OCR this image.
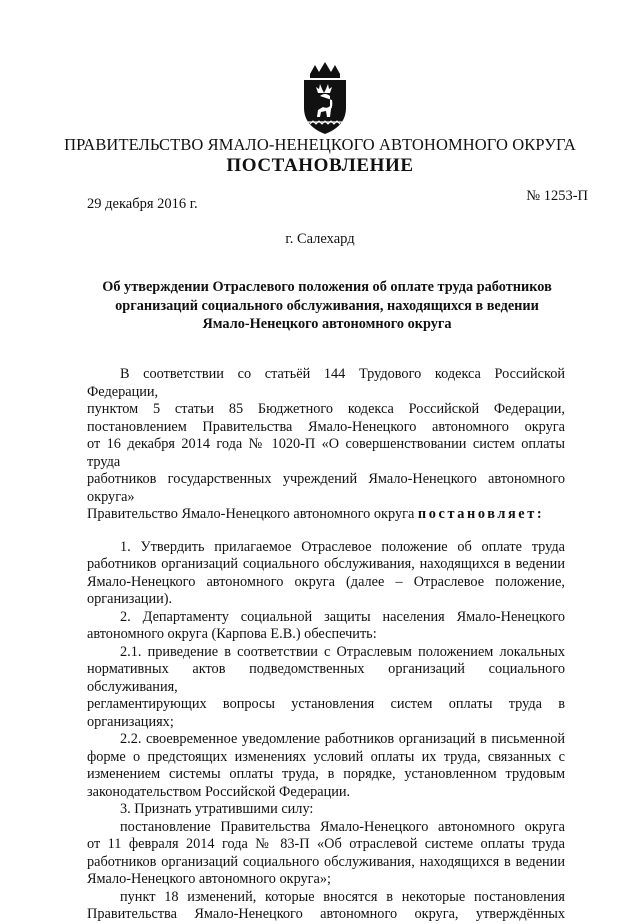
ПРАВИТЕЛЬСТВО ЯМАЛО-НЕНЕЦКОГО АВТОНОМНОГО ОКРУГА
ПОСТАНОВЛЕНИЕ
29 декабря 2016 г.	№ 1253-П
г. Салехард
Об утверждении Отраслевого положения об оплате труда работников
организаций социального обслуживания, находящихся в ведении
Ямало-Ненецкого автономного округа

В соответствии со статьёй 144 Трудового кодекса Российской Федерации,

пунктом 5 статьи 85 Бюджетного кодекса Российской Федерации,

постановлением Правительства Ямало-Ненецкого автономного округа

от 16 декабря 2014 года № 1020-П «О совершенствовании систем оплаты труда

работников государственных учреждений Ямало-Ненецкого автономного округа»

Правительство Ямало-Ненецкого автономного округа постановляет:

1. Утвердить прилагаемое Отраслевое положение об оплате труда

работников организаций социального обслуживания, находящихся в ведении

Ямало-Ненецкого автономного округа (далее – Отраслевое положение,

организации).

2. Департаменту социальной защиты населения Ямало-Ненецкого

автономного округа (Карпова Е.В.) обеспечить:

2.1. приведение в соответствии с Отраслевым положением локальных

нормативных актов подведомственных организаций социального обслуживания,

регламентирующих вопросы установления систем оплаты труда в организациях;

2.2. своевременное уведомление работников организаций в письменной

форме о предстоящих изменениях условий оплаты их труда, связанных с

изменением системы оплаты труда, в порядке, установленном трудовым

законодательством Российской Федерации.

3. Признать утратившими силу:

постановление Правительства Ямало-Ненецкого автономного округа

от 11 февраля 2014 года № 83-П «Об отраслевой системе оплаты труда

работников организаций социального обслуживания, находящихся в ведении

Ямало-Ненецкого автономного округа»;

пункт 18 изменений, которые вносятся в некоторые постановления

Правительства Ямало-Ненецкого автономного округа, утверждённых
